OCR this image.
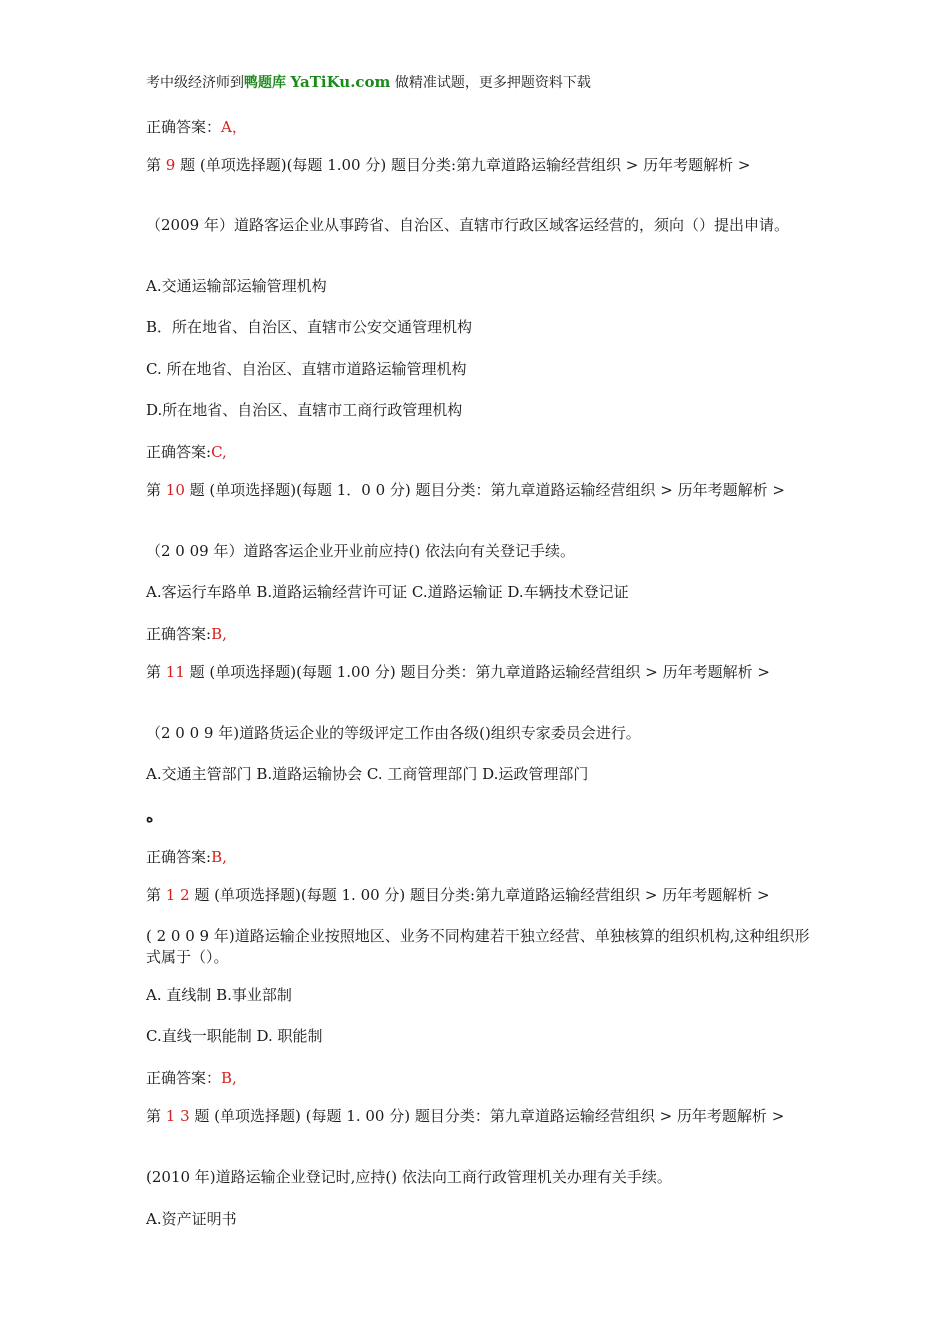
考中级经济师到鸭题库 YaTiKu.com 做精准试题，更多押题资料下载
正确答案：A，
第 9 题 (单项选择题)(每题 1.00 分) 题目分类:第九章道路运输经营组织 > 历年考题解析 >
（2009 年）道路客运企业从事跨省、自治区、直辖市行政区域客运经营的，须向（）提出申请。
A.交通运输部运输管理机构
B．所在地省、自治区、直辖市公安交通管理机构
C. 所在地省、自治区、直辖市道路运输管理机构
D.所在地省、自治区、直辖市工商行政管理机构
正确答案:C,
第 10 题 (单项选择题)(每题 1．0 0 分) 题目分类：第九章道路运输经营组织 > 历年考题解析 >
（2 0 09 年）道路客运企业开业前应持() 依法向有关登记手续。
A.客运行车路单 B.道路运输经营许可证 C.道路运输证 D.车辆技术登记证
正确答案:B,
第 11 题 (单项选择题)(每题 1.00 分) 题目分类：第九章道路运输经营组织 > 历年考题解析 >
（2 0 0 9 年)道路货运企业的等级评定工作由各级()组织专家委员会进行。
A.交通主管部门 B.道路运输协会 C. 工商管理部门 D.运政管理部门
ه
正确答案:B,
第 1 2 题 (单项选择题)(每题 1. 00 分) 题目分类:第九章道路运输经营组织 > 历年考题解析 >
( 2 0 0 9 年)道路运输企业按照地区、业务不同构建若干独立经营、单独核算的组织机构,这种组织形式属于（）。
A. 直线制 B.事业部制
C.直线一职能制 D. 职能制
正确答案：B,
第 1 3 题 (单项选择题) (每题 1. 00 分) 题目分类：第九章道路运输经营组织 > 历年考题解析 >
(2010 年)道路运输企业登记时,应持() 依法向工商行政管理机关办理有关手续。
A.资产证明书
